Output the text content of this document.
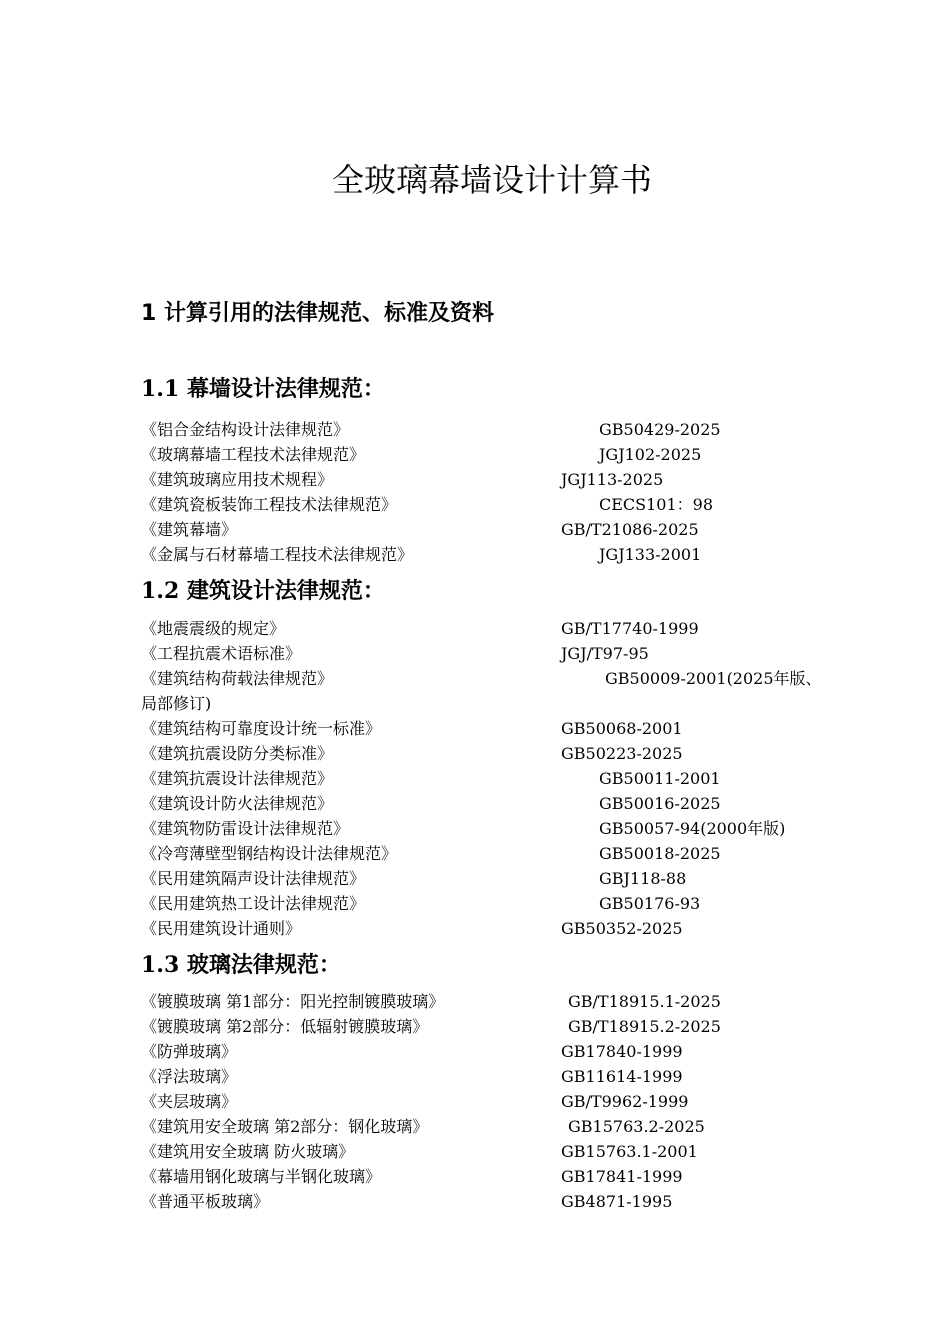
全玻璃幕墙设计计算书
1 计算引用的法律规范、标准及资料
1.1 幕墙设计法律规范：
《铝合金结构设计法律规范》	GB50429-2025
《玻璃幕墙工程技术法律规范》	JGJ102-2025
《建筑玻璃应用技术规程》	JGJ113-2025
《建筑瓷板装饰工程技术法律规范》	CECS101：98
《建筑幕墙》	GB/T21086-2025
《金属与石材幕墙工程技术法律规范》	JGJ133-2001
1.2 建筑设计法律规范：
《地震震级的规定》	GB/T17740-1999
《工程抗震术语标准》	JGJ/T97-95
《建筑结构荷载法律规范》	GB50009-2001(2025年版、
局部修订)
《建筑结构可靠度设计统一标准》	GB50068-2001
《建筑抗震设防分类标准》	GB50223-2025
《建筑抗震设计法律规范》	GB50011-2001
《建筑设计防火法律规范》	GB50016-2025
《建筑物防雷设计法律规范》	GB50057-94(2000年版)
《冷弯薄壁型钢结构设计法律规范》	GB50018-2025
《民用建筑隔声设计法律规范》	GBJ118-88
《民用建筑热工设计法律规范》	GB50176-93
《民用建筑设计通则》	GB50352-2025
1.3 玻璃法律规范：
《镀膜玻璃 第1部分：阳光控制镀膜玻璃》	GB/T18915.1-2025
《镀膜玻璃 第2部分：低辐射镀膜玻璃》	GB/T18915.2-2025
《防弹玻璃》	GB17840-1999
《浮法玻璃》	GB11614-1999
《夹层玻璃》	GB/T9962-1999
《建筑用安全玻璃 第2部分：钢化玻璃》	GB15763.2-2025
《建筑用安全玻璃 防火玻璃》	GB15763.1-2001
《幕墙用钢化玻璃与半钢化玻璃》	GB17841-1999
《普通平板玻璃》	GB4871-1995
